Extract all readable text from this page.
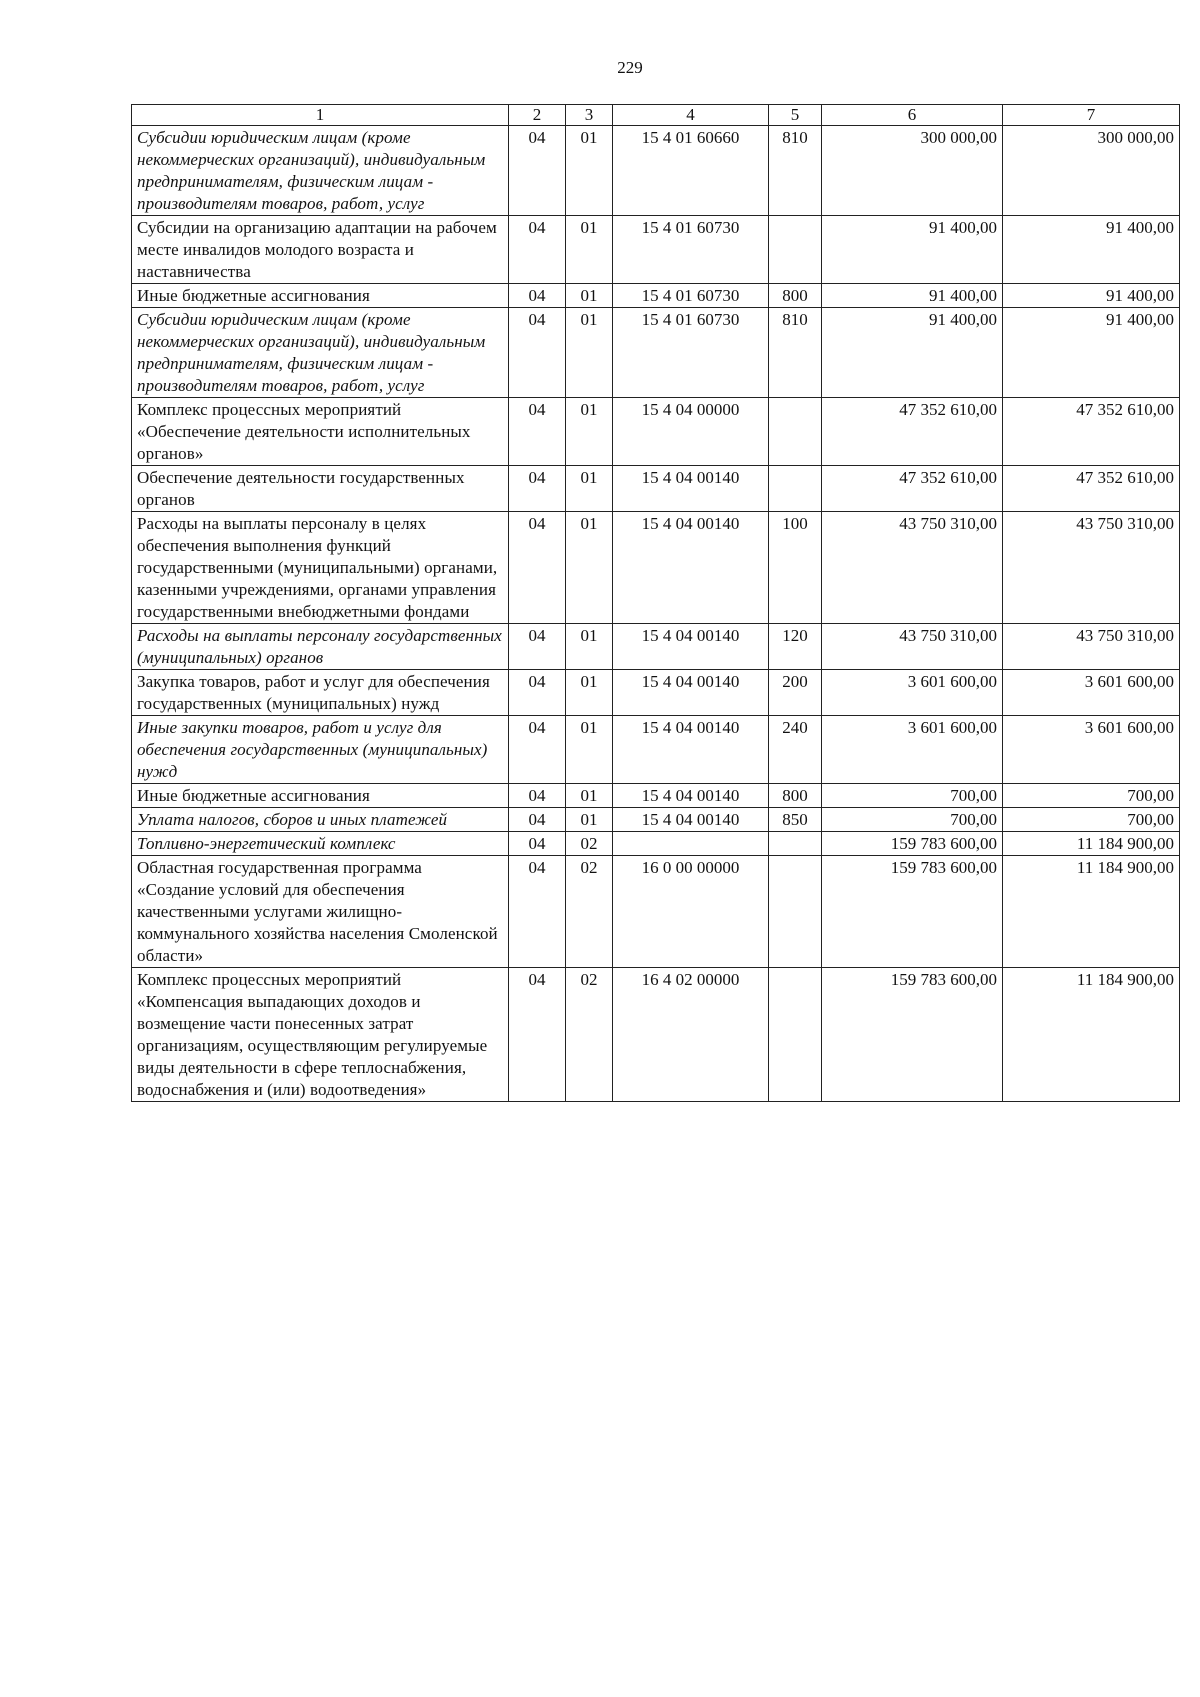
229
1	2	3	4	5	6	7
Субсидии юридическим лицам (кроме некоммерческих организаций), индивидуальным предпринимателям, физическим лицам - производителям товаров, работ, услуг	04	01	15 4 01 60660	810	300 000,00	300 000,00
Субсидии на организацию адаптации на рабочем месте инвалидов молодого возраста и наставничества	04	01	15 4 01 60730		91 400,00	91 400,00
Иные бюджетные ассигнования	04	01	15 4 01 60730	800	91 400,00	91 400,00
Субсидии юридическим лицам (кроме некоммерческих организаций), индивидуальным предпринимателям, физическим лицам - производителям товаров, работ, услуг	04	01	15 4 01 60730	810	91 400,00	91 400,00
Комплекс процессных мероприятий «Обеспечение деятельности исполнительных органов»	04	01	15 4 04 00000		47 352 610,00	47 352 610,00
Обеспечение деятельности государственных органов	04	01	15 4 04 00140		47 352 610,00	47 352 610,00
Расходы на выплаты персоналу в целях обеспечения выполнения функций государственными (муниципальными) органами, казенными учреждениями, органами управления государственными внебюджетными фондами	04	01	15 4 04 00140	100	43 750 310,00	43 750 310,00
Расходы на выплаты персоналу государственных (муниципальных) органов	04	01	15 4 04 00140	120	43 750 310,00	43 750 310,00
Закупка товаров, работ и услуг для обеспечения государственных (муниципальных) нужд	04	01	15 4 04 00140	200	3 601 600,00	3 601 600,00
Иные закупки товаров, работ и услуг для обеспечения государственных (муниципальных) нужд	04	01	15 4 04 00140	240	3 601 600,00	3 601 600,00
Иные бюджетные ассигнования	04	01	15 4 04 00140	800	700,00	700,00
Уплата налогов, сборов и иных платежей	04	01	15 4 04 00140	850	700,00	700,00
Топливно-энергетический комплекс	04	02			159 783 600,00	11 184 900,00
Областная государственная программа «Создание условий для обеспечения качественными услугами жилищно-коммунального хозяйства населения Смоленской области»	04	02	16 0 00 00000		159 783 600,00	11 184 900,00
Комплекс процессных мероприятий «Компенсация выпадающих доходов и возмещение части понесенных затрат организациям, осуществляющим регулируемые виды деятельности в сфере теплоснабжения, водоснабжения и (или) водоотведения»	04	02	16 4 02 00000		159 783 600,00	11 184 900,00
